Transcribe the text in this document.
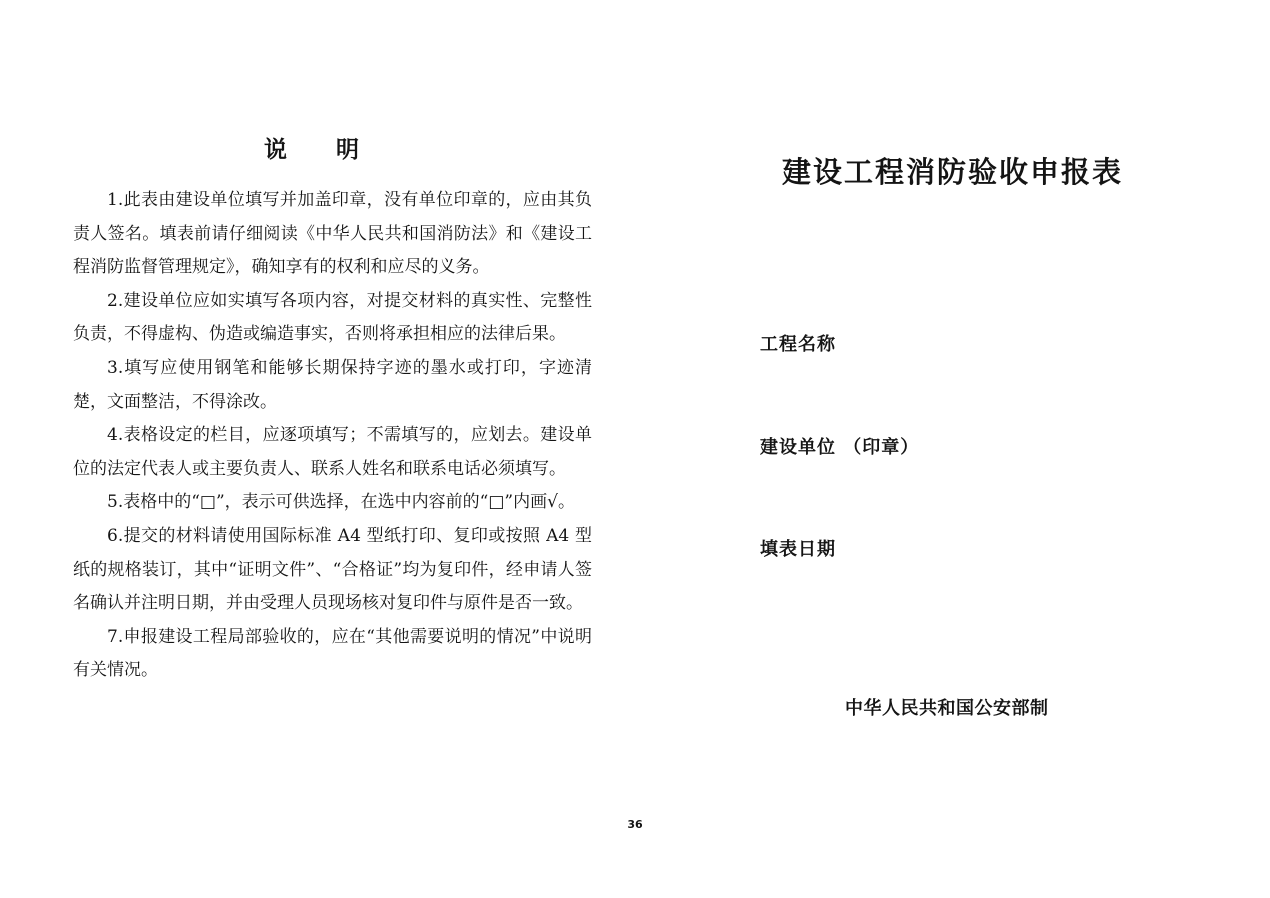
说　　明

1.此表由建设单位填写并加盖印章，没有单位印章的，应由其负责人签名。填表前请仔细阅读《中华人民共和国消防法》和《建设工程消防监督管理规定》，确知享有的权利和应尽的义务。

2.建设单位应如实填写各项内容，对提交材料的真实性、完整性负责，不得虚构、伪造或编造事实，否则将承担相应的法律后果。

3.填写应使用钢笔和能够长期保持字迹的墨水或打印，字迹清楚，文面整洁，不得涂改。

4.表格设定的栏目，应逐项填写；不需填写的，应划去。建设单位的法定代表人或主要负责人、联系人姓名和联系电话必须填写。

5.表格中的“□”，表示可供选择，在选中内容前的“□”内画√。

6.提交的材料请使用国际标准 A4 型纸打印、复印或按照 A4 型纸的规格装订，其中“证明文件”、“合格证”均为复印件，经申请人签名确认并注明日期，并由受理人员现场核对复印件与原件是否一致。

7.申报建设工程局部验收的，应在“其他需要说明的情况”中说明有关情况。

建设工程消防验收申报表
工程名称
建设单位 （印章）
填表日期
中华人民共和国公安部制
36
